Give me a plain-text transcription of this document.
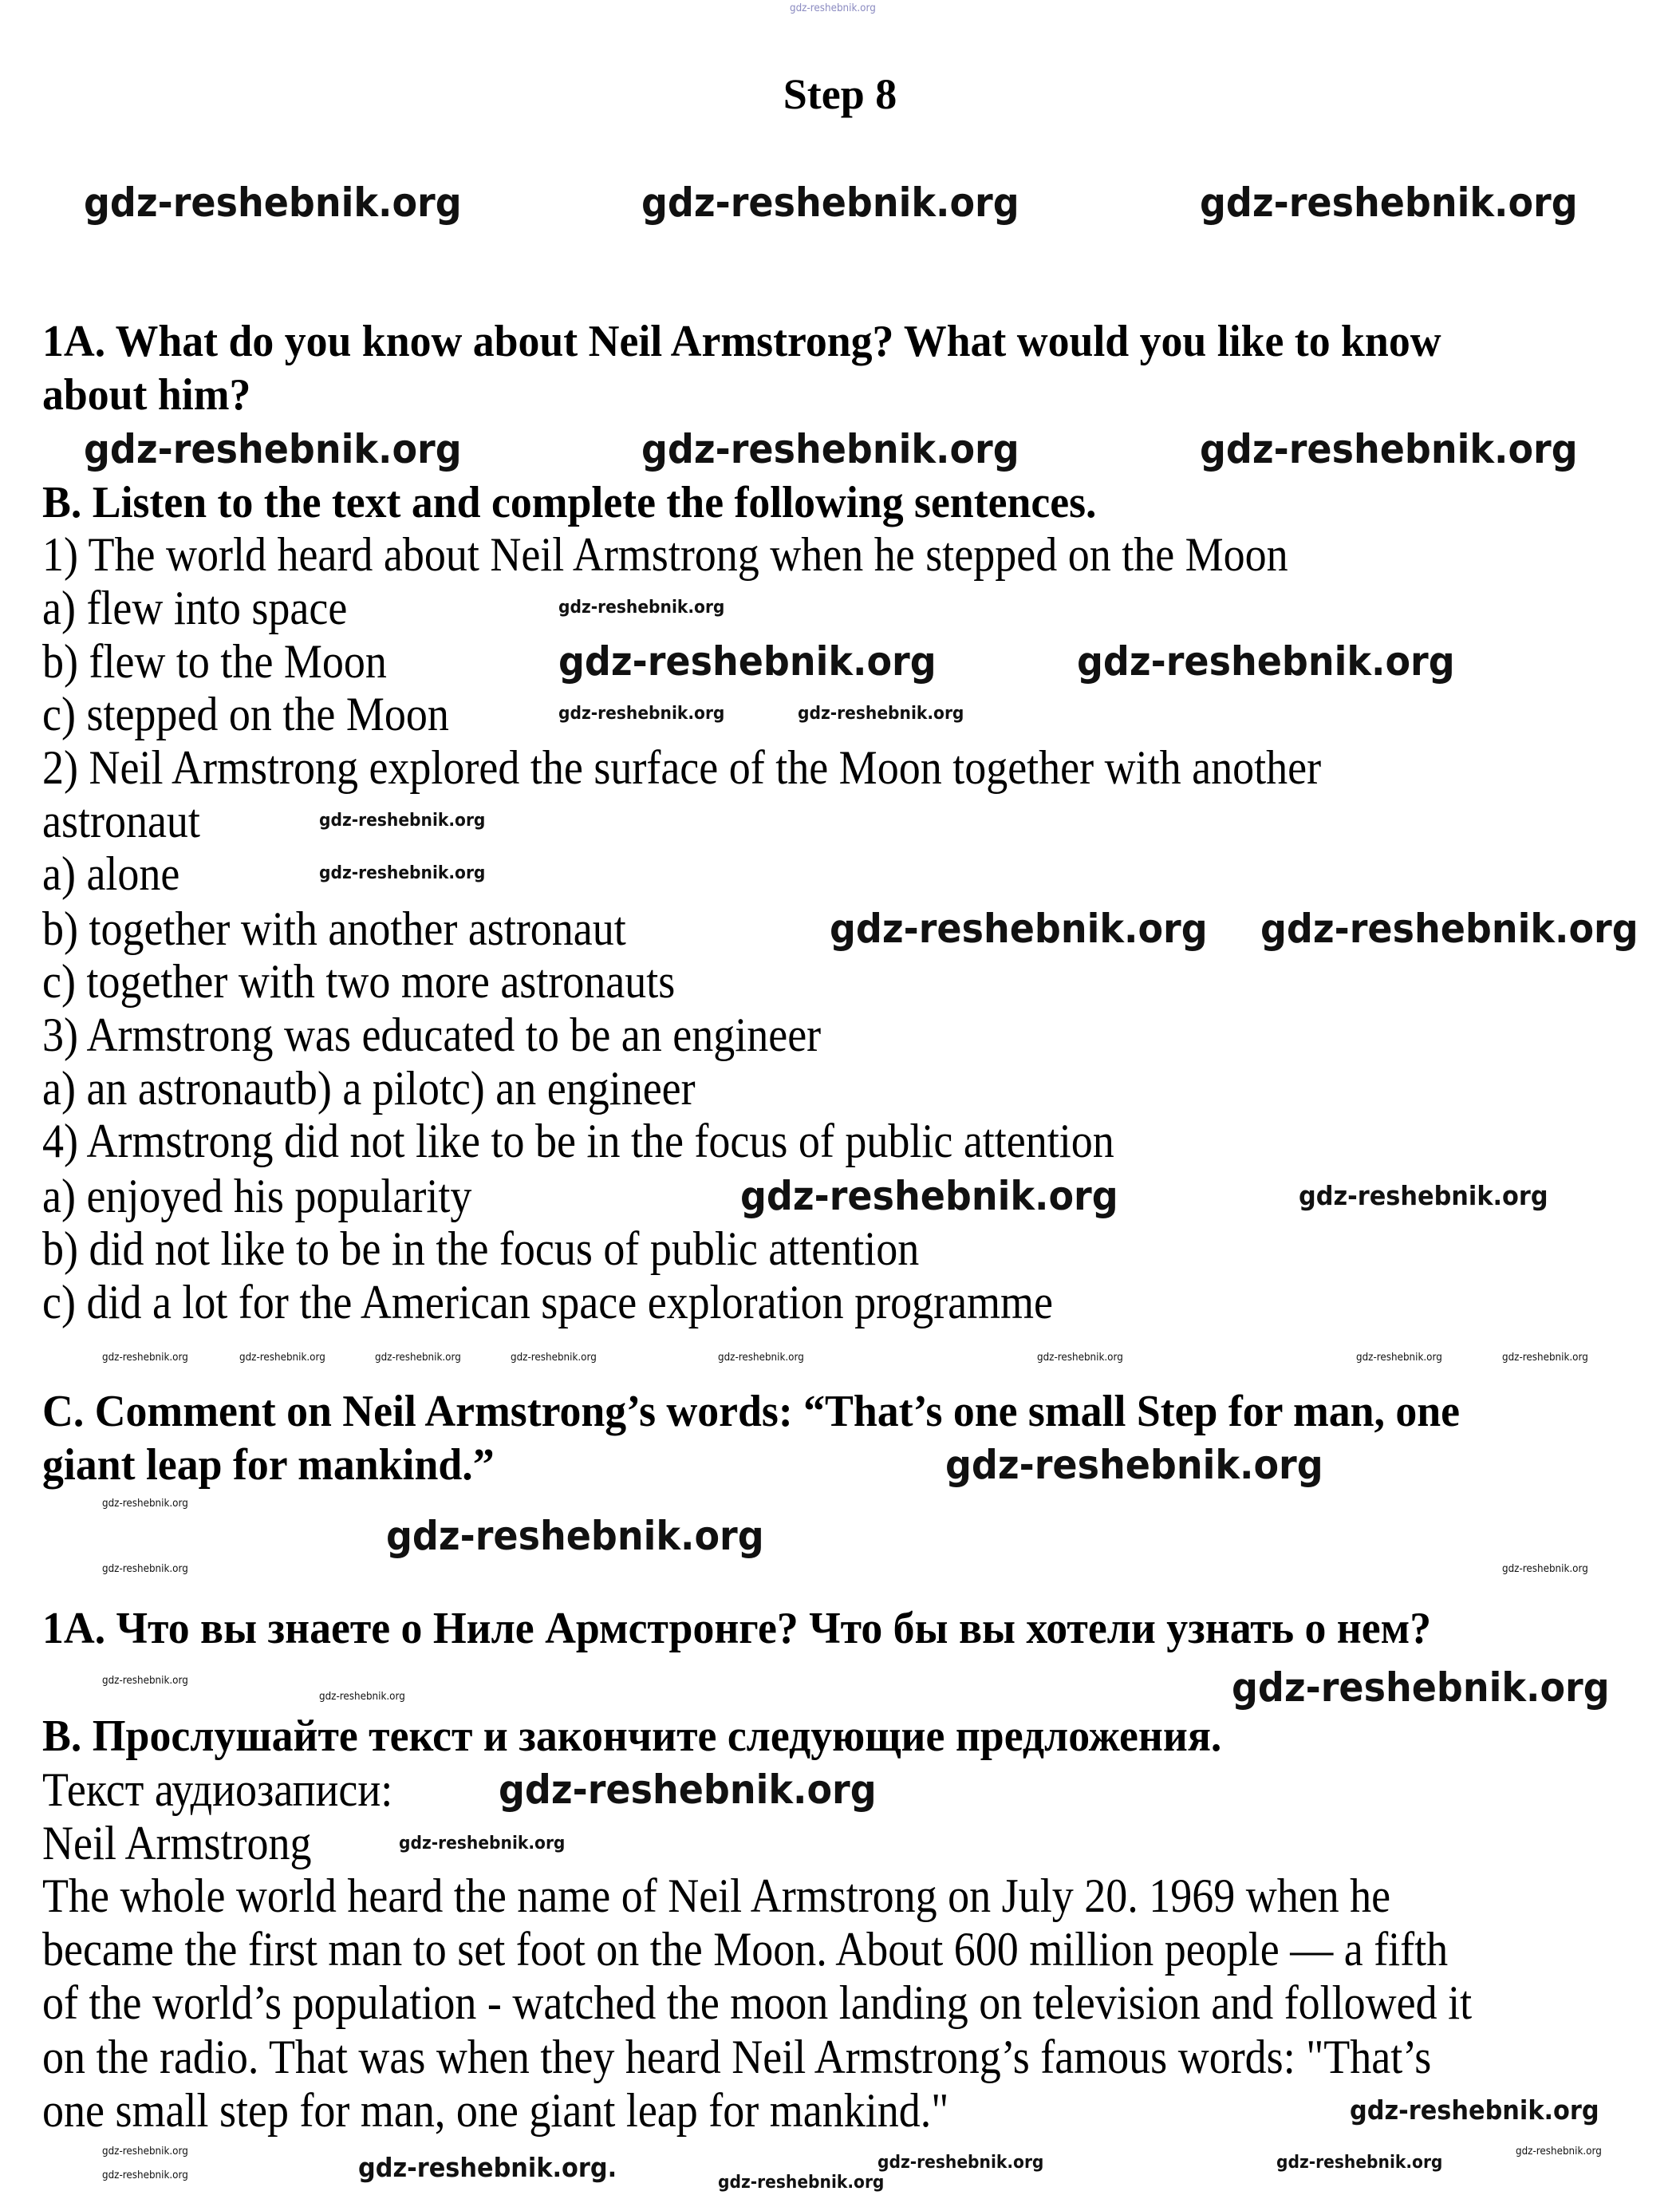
gdz-reshebnik.org
Step 8
1A. What do you know about Neil Armstrong? What would you like to know
about him?
B. Listen to the text and complete the following sentences.
1) The world heard about Neil Armstrong when he stepped on the Moon
a) flew into space
b) flew to the Moon
c) stepped on the Moon
2) Neil Armstrong explored the surface of the Moon together with another
astronaut
a) alone
b) together with another astronaut
c) together with two more astronauts
3) Armstrong was educated to be an engineer
a) an astronautb) a pilotc) an engineer
4) Armstrong did not like to be in the focus of public attention
a) enjoyed his popularity
b) did not like to be in the focus of public attention
c) did a lot for the American space exploration programme
C. Comment on Neil Armstrong’s words: “That’s one small Step for man, one
giant leap for mankind.”
1A. Что вы знаете о Ниле Армстронге? Что бы вы хотели узнать о нем?
B. Прослушайте текст и закончите следующие предложения.
Текст аудиозаписи:
Neil Armstrong
The whole world heard the name of Neil Armstrong on July 20. 1969 when he
became the first man to set foot on the Moon. About 600 million people — a fifth
of the world’s population - watched the moon landing on television and followed it
on the radio. That was when they heard Neil Armstrong’s famous words: "That’s
one small step for man, one giant leap for mankind."
gdz-reshebnik.org	gdz-reshebnik.org	gdz-reshebnik.org
gdz-reshebnik.org	gdz-reshebnik.org	gdz-reshebnik.org
gdz-reshebnik.org	gdz-reshebnik.org
gdz-reshebnik.org gdz-reshebnik.org
gdz-reshebnik.org
gdz-reshebnik.org
gdz-reshebnik.org
gdz-reshebnik.org
gdz-reshebnik.org
gdz-reshebnik.org
gdz-reshebnik.org.
gdz-reshebnik.org
gdz-reshebnik.org	gdz-reshebnik.org
gdz-reshebnik.org
gdz-reshebnik.org
gdz-reshebnik.org
gdz-reshebnik.org
gdz-reshebnik.org	gdz-reshebnik.org
gdz-reshebnik.org
gdz-reshebnik.org	gdz-reshebnik.org	gdz-reshebnik.org	gdz-reshebnik.org	gdz-reshebnik.org	gdz-reshebnik.org	gdz-reshebnik.org	gdz-reshebnik.org
gdz-reshebnik.org
gdz-reshebnik.org
gdz-reshebnik.org
gdz-reshebnik.org
gdz-reshebnik.org
gdz-reshebnik.org
gdz-reshebnik.org
gdz-reshebnik.org
